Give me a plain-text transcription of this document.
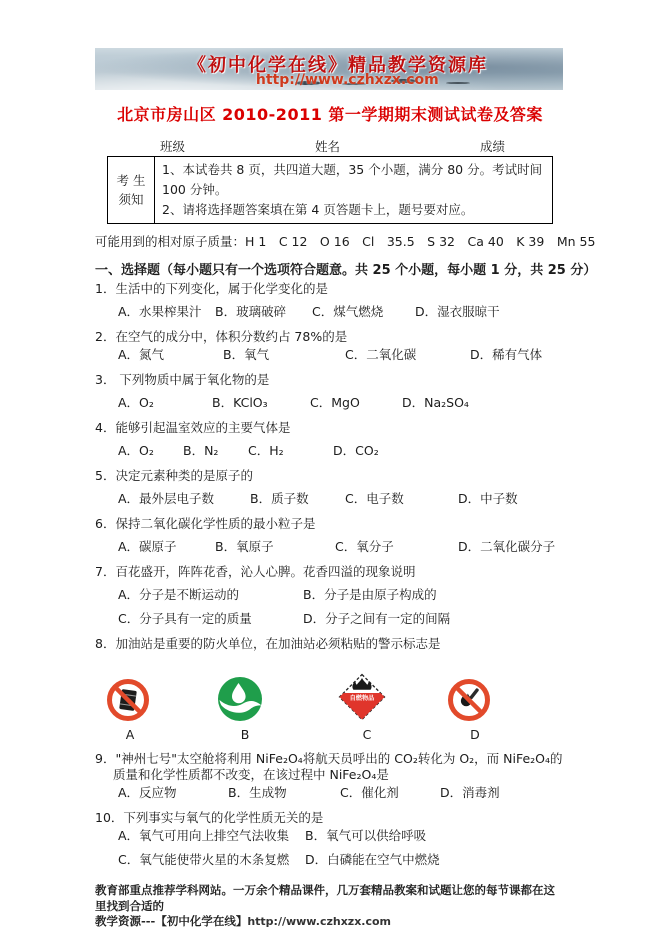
《初中化学在线》精品教学资源库
http://www.czhxzx.com
北京市房山区 2010-2011 第一学期期末测试试卷及答案
班级	姓名	成绩
考 生
须知
1、本试卷共 8 页，共四道大题，35 个小题，满分 80 分。考试时间 100 分钟。
2、请将选择题答案填在第 4 页答题卡上，题号要对应。
可能用到的相对原子质量：H 1　C 12　O 16　Cl　35.5　S 32　Ca 40　K 39　Mn 55
一、选择题（每小题只有一个选项符合题意。共 25 个小题，每小题 1 分，共 25 分）
1．生活中的下列变化，属于化学变化的是
A．水果榨果汁	B．玻璃破碎	C．煤气燃烧	D．湿衣服晾干
2．在空气的成分中，体积分数约占 78%的是
A．氮气	B．氧气	C．二氧化碳	D．稀有气体
3． 下列物质中属于氧化物的是
A．O₂	B．KClO₃	C．MgO	D．Na₂SO₄
4．能够引起温室效应的主要气体是
A．O₂	B．N₂	C．H₂	D．CO₂
5．决定元素种类的是原子的
A．最外层电子数	B．质子数	C．电子数	D．中子数
6．保持二氧化碳化学性质的最小粒子是
A．碳原子	B．氧原子	C．氧分子	D．二氧化碳分子
7．百花盛开，阵阵花香，沁人心脾。花香四溢的现象说明
A．分子是不断运动的	B．分子是由原子构成的
C．分子具有一定的质量	D．分子之间有一定的间隔
8．加油站是重要的防火单位，在加油站必须粘贴的警示标志是
自燃物品
A	B	C	D
9．"神州七号"太空舱将利用 NiFe₂O₄将航天员呼出的 CO₂转化为 O₂，而 NiFe₂O₄的质量和化学性质都不改变，在该过程中 NiFe₂O₄是
A．反应物	B．生成物	C．催化剂	D．消毒剂
10．下列事实与氧气的化学性质无关的是
A．氧气可用向上排空气法收集	B．氧气可以供给呼吸
C．氧气能使带火星的木条复燃	D．白磷能在空气中燃烧
教育部重点推荐学科网站。一万余个精品课件，几万套精品教案和试题让您的每节课都在这里找到合适的
教学资源---【初中化学在线】http://www.czhxzx.com
